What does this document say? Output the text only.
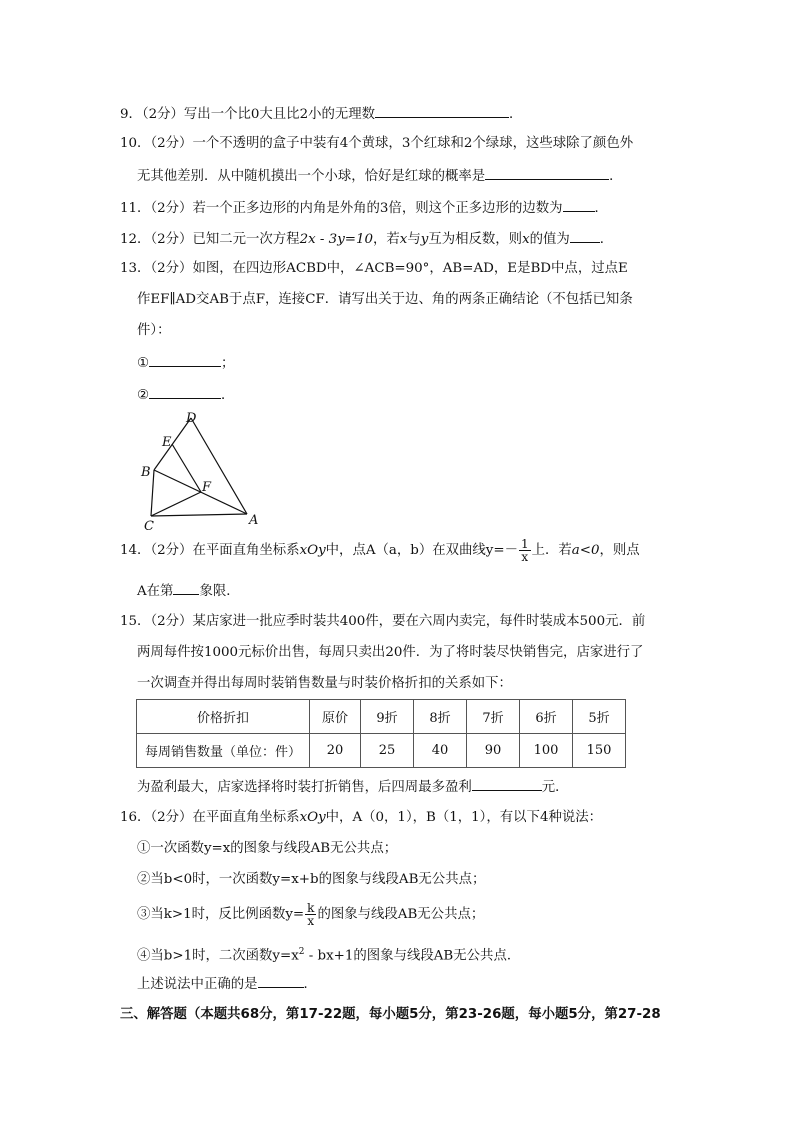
9．（2分）写出一个比0大且比2小的无理数	．
10．（2分）一个不透明的盒子中装有4个黄球，3个红球和2个绿球，这些球除了颜色外
无其他差别．从中随机摸出一个小球，恰好是红球的概率是	．
11．（2分）若一个正多边形的内角是外角的3倍，则这个正多边形的边数为 ．
12．（2分）已知二元一次方程2x - 3y=10，若x与y互为相反数，则x的值为 ．
13．（2分）如图，在四边形ACBD中，∠ACB=90°，AB=AD，E是BD中点，过点E
作EF∥AD交AB于点F，连接CF．请写出关于边、角的两条正确结论（不包括已知条
件）：
①	；
②	．
D
E
B
F
C	A
14．（2分）在平面直角坐标系xOy中，点A（a，b）在双曲线$y=- \frac{1}{x}$ 上．若a<0，则点
A在第 象限．
15．（2分）某店家进一批应季时装共400件，要在六周内卖完，每件时装成本500元．前
两周每件按1000元标价出售，每周只卖出20件．为了将时装尽快销售完，店家进行了
一次调查并得出每周时装销售数量与时装价格折扣的关系如下：
价格折扣	原价	9折	8折	7折	6折	5折
每周销售数量（单位：件）	20	25	40	90	100	150
为盈利最大，店家选择将时装打折销售，后四周最多盈利	元．
16．（2分）在平面直角坐标系xOy中，A（0，1），B（1，1），有以下4种说法：
①一次函数y=x的图象与线段AB无公共点；
②当b<0时，一次函数y=x+b的图象与线段AB无公共点；
③当k>1时，反比例函数$y= \frac{k}{x}$ 的图象与线段AB无公共点；
④当b>1时，二次函数$y=x^2 - bx+1$的图象与线段AB无公共点．
上述说法中正确的是	．
三、解答题（本题共68分，第17-22题，每小题5分，第23-26题，每小题5分，第27-28
